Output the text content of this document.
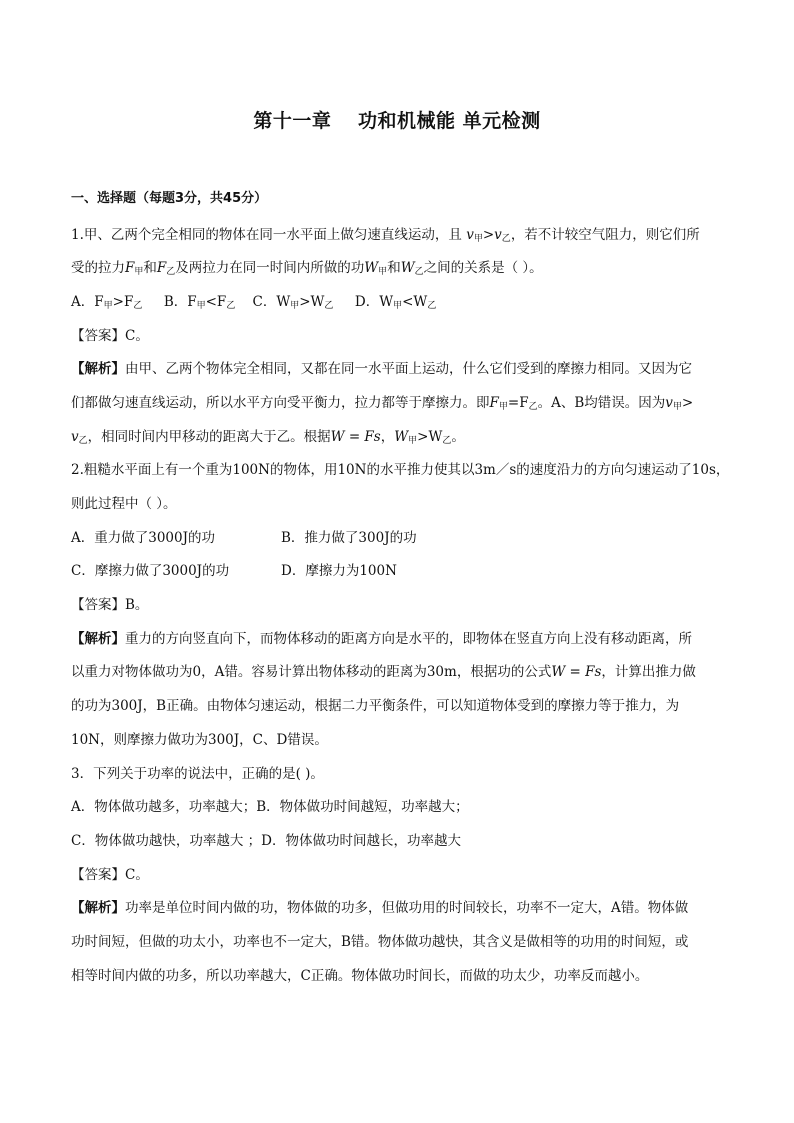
第十一章　 功和机械能 单元检测
一、选择题（每题3分，共45分）
1.甲、乙两个完全相同的物体在同一水平面上做匀速直线运动，且 $v_甲>v_乙$，若不计较空气阻力，则它们所
受的拉力$F_甲$和$F_乙$及两拉力在同一时间内所做的功$W_甲$和$W_乙$之间的关系是（ ）。
A．$F_甲>F_乙$ B．$F_甲<F_乙$ C．$W_甲>W_乙$ D．$W_甲<W_乙$
【答案】C。
【解析】由甲、乙两个物体完全相同，又都在同一水平面上运动，什么它们受到的摩擦力相同。又因为它
们都做匀速直线运动，所以水平方向受平衡力，拉力都等于摩擦力。即$F_甲=F_乙$。A、B均错误。因为$v_甲>$
$v_乙$，相同时间内甲移动的距离大于乙。根据W = Fs，$W_甲>W_乙$。
2.粗糙水平面上有一个重为100N的物体，用10N的水平推力使其以3m／s的速度沿力的方向匀速运动了10s，
则此过程中（ ）。
A．重力做了3000J的功	B．推力做了300J的功
C．摩擦力做了3000J的功	D．摩擦力为100N
【答案】B。
【解析】重力的方向竖直向下，而物体移动的距离方向是水平的，即物体在竖直方向上没有移动距离，所
以重力对物体做功为0，A错。容易计算出物体移动的距离为30m，根据功的公式W = Fs，计算出推力做
的功为300J，B正确。由物体匀速运动，根据二力平衡条件，可以知道物体受到的摩擦力等于推力，为
10N，则摩擦力做功为300J，C、D错误。
3．下列关于功率的说法中，正确的是( )。
A．物体做功越多，功率越大；B．物体做功时间越短，功率越大；
C．物体做功越快，功率越大 ；D．物体做功时间越长，功率越大
【答案】C。
【解析】功率是单位时间内做的功，物体做的功多，但做功用的时间较长，功率不一定大，A错。物体做
功时间短，但做的功太小，功率也不一定大，B错。物体做功越快，其含义是做相等的功用的时间短，或
相等时间内做的功多，所以功率越大，C正确。物体做功时间长，而做的功太少，功率反而越小。
